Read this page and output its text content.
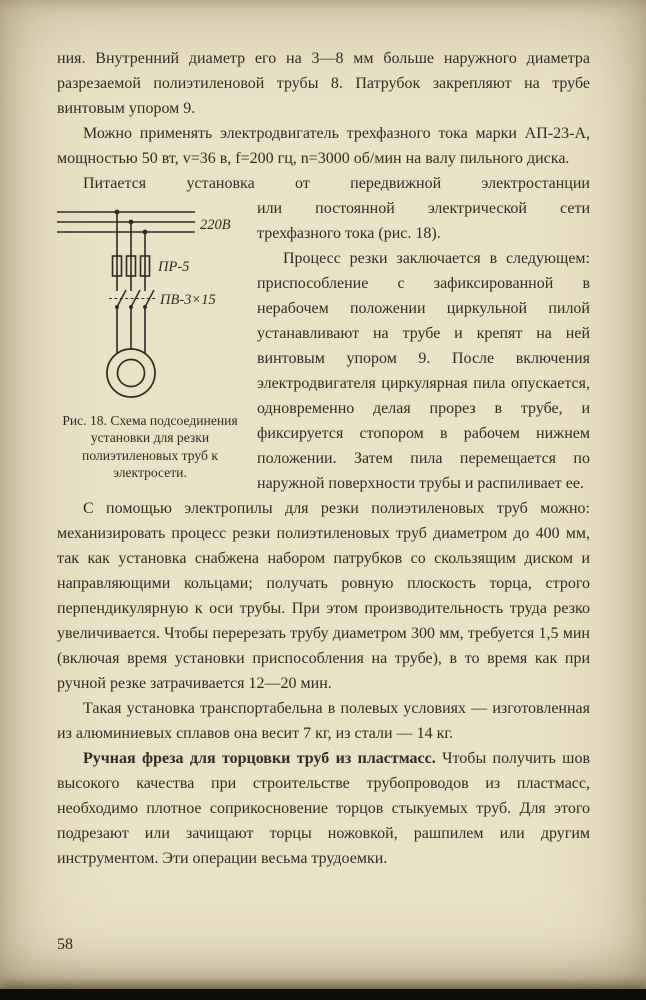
ния. Внутренний диаметр его на 3—8 мм больше наружного диаметра разрезаемой полиэтиленовой трубы 8. Патрубок закрепляют на трубе винтовым упором 9.

Можно применять электродвигатель трехфазного тока марки АП-23-А, мощностью 50 вт, v=36 в, f=200 гц, n=3000 об/мин на валу пильного диска.

Питается установка от передвижной электростанции

220В
ПР-5
ПВ-3×15
Рис. 18. Схема подсоединения установки для резки полиэтиленовых труб к электросети.

или постоянной электрической сети трехфазного тока (рис. 18).

Процесс резки заключается в следующем: приспособление с зафиксированной в нерабочем положении циркульной пилой устанавливают на трубе и крепят на ней винтовым упором 9. После включения электродвигателя циркулярная пила опускается, одновременно делая прорез в трубе, и фиксируется стопором в рабочем нижнем положении. Затем пила перемещается по наружной поверхности трубы и распиливает ее.

С помощью электропилы для резки полиэтиленовых труб можно: механизировать процесс резки полиэтиленовых труб диаметром до 400 мм, так как установка снабжена набором патрубков со скользящим диском и направляющими кольцами; получать ровную плоскость торца, строго перпендикулярную к оси трубы. При этом производительность труда резко увеличивается. Чтобы перерезать трубу диаметром 300 мм, требуется 1,5 мин (включая время установки приспособления на трубе), в то время как при ручной резке затрачивается 12—20 мин.

Такая установка транспортабельна в полевых условиях — изготовленная из алюминиевых сплавов она весит 7 кг, из стали — 14 кг.

Ручная фреза для торцовки труб из пластмасс. Чтобы получить шов высокого качества при строительстве трубопроводов из пластмасс, необходимо плотное соприкосновение торцов стыкуемых труб. Для этого подрезают или зачищают торцы ножовкой, рашпилем или другим инструментом. Эти операции весьма трудоемки.

58
